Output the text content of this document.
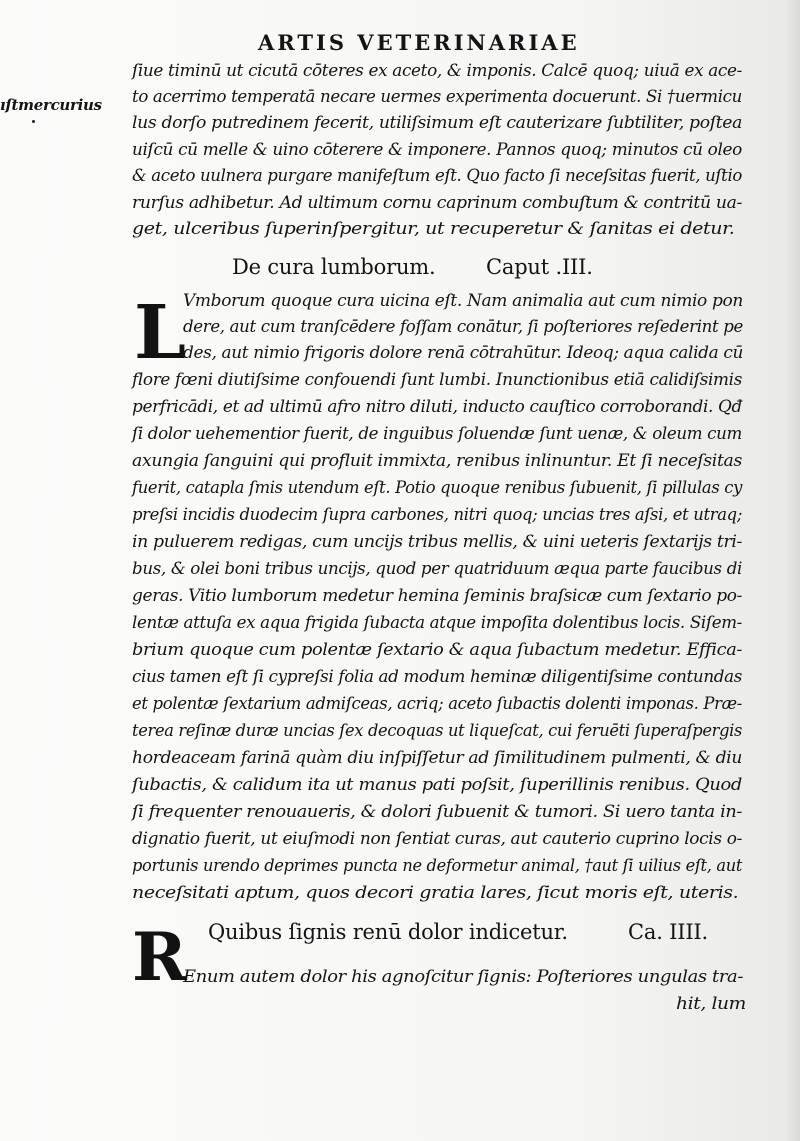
ARTIS VETERINARIAE
ıſtmercurius
ſiue timinū ut cicutā cōteres ex aceto, & imponis. Calcē quoq; uiuā ex ace-
to acerrimo temperatā necare uermes experimenta docuerunt. Si †uermicu
lus dorſo putredinem fecerit, utiliſsimum eſt cauterizare ſubtiliter, poſtea
uiſcū cū melle & uino cōterere & imponere. Pannos quoq; minutos cū oleo
& aceto uulnera purgare manifeſtum eſt. Quo facto ſi neceſsitas fuerit, uſtio
rurſus adhibetur. Ad ultimum cornu caprinum combuſtum & contritū ua-
get, ulceribus ſuperinſpergitur, ut recuperetur & ſanitas ei detur.
De cura lumborum. Caput .III.
L
Vmborum quoque cura uicina eſt. Nam animalia aut cum nimio pon
dere, aut cum tranſcēdere foſſam conātur, ſi poſteriores reſederint pe
des, aut nimio frigoris dolore renā cōtrahūtur. Ideoq; aqua calida cū
flore fœni diutiſsime confouendi ſunt lumbi. Inunctionibus etiā calidiſsimis
perfricādi, et ad ultimū afro nitro diluti, inducto cauſtico corroborandi. Qđ
ſi dolor uehementior fuerit, de inguibus ſoluendæ ſunt uenæ, & oleum cum
axungia ſanguini qui profluit immixta, renibus inlinuntur. Et ſi neceſsitas
fuerit, catapla ſmis utendum eſt. Potio quoque renibus ſubuenit, ſi pillulas cy
preſsi incidis duodecim ſupra carbones, nitri quoq; uncias tres aſsi, et utraq;
in puluerem redigas, cum uncijs tribus mellis, & uini ueteris ſextarijs tri-
bus, & olei boni tribus uncijs, quod per quatriduum æqua parte faucibus di
geras. Vitio lumborum medetur hemina ſeminis braſsicæ cum ſextario po-
lentæ attuſa ex aqua frigida ſubacta atque impoſita dolentibus locis. Siſem-
brium quoque cum polentæ ſextario & aqua ſubactum medetur. Effica-
cius tamen eſt ſi cypreſsi folia ad modum heminæ diligentiſsime contundas
et polentæ ſextarium admiſceas, acriq; aceto ſubactis dolenti imponas. Præ-
terea reſinæ duræ uncias ſex decoquas ut liqueſcat, cui feruēti ſuperaſpergis
hordeaceam farinā quàm diu inſpiſſetur ad ſimilitudinem pulmenti, & diu
ſubactis, & calidum ita ut manus pati poſsit, ſuperillinis renibus. Quod
ſi frequenter renouaueris, & dolori ſubuenit & tumori. Si uero tanta in-
dignatio fuerit, ut eiuſmodi non ſentiat curas, aut cauterio cuprino locis o-
portunis urendo deprimes puncta ne deformetur animal, †aut ſi uilius eſt, aut
neceſsitati aptum, quos decori gratia lares, ſicut moris eſt, uteris.
Quibus ſignis renū dolor indicetur.	Ca. IIII.
R
Enum autem dolor his agnoſcitur ſignis: Poſteriores ungulas tra-
hit, lum
